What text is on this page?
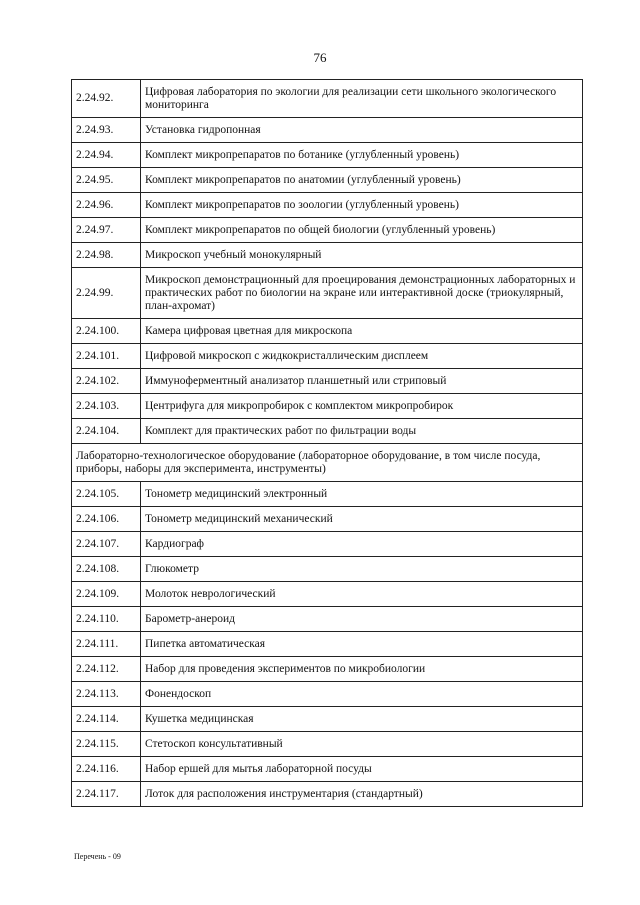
76
2.24.92.	Цифровая лаборатория по экологии для реализации сети школьного экологического мониторинга
2.24.93.	Установка гидропонная
2.24.94.	Комплект микропрепаратов по ботанике (углубленный уровень)
2.24.95.	Комплект микропрепаратов по анатомии (углубленный уровень)
2.24.96.	Комплект микропрепаратов по зоологии (углубленный уровень)
2.24.97.	Комплект микропрепаратов по общей биологии (углубленный уровень)
2.24.98.	Микроскоп учебный монокулярный
2.24.99.	Микроскоп демонстрационный для проецирования демонстрационных лабораторных и практических работ по биологии на экране или интерактивной доске (триокулярный, план-ахромат)
2.24.100.	Камера цифровая цветная для микроскопа
2.24.101.	Цифровой микроскоп с жидкокристаллическим дисплеем
2.24.102.	Иммуноферментный анализатор планшетный или стриповый
2.24.103.	Центрифуга для микропробирок с комплектом микропробирок
2.24.104.	Комплект для практических работ по фильтрации воды
Лабораторно-технологическое оборудование (лабораторное оборудование, в том числе посуда, приборы, наборы для эксперимента, инструменты)	
2.24.105.	Тонометр медицинский электронный
2.24.106.	Тонометр медицинский механический
2.24.107.	Кардиограф
2.24.108.	Глюкометр
2.24.109.	Молоток неврологический
2.24.110.	Барометр-анероид
2.24.111.	Пипетка автоматическая
2.24.112.	Набор для проведения экспериментов по микробиологии
2.24.113.	Фонендоскоп
2.24.114.	Кушетка медицинская
2.24.115.	Стетоскоп консультативный
2.24.116.	Набор ершей для мытья лабораторной посуды
2.24.117.	Лоток для расположения инструментария (стандартный)
Перечень - 09
